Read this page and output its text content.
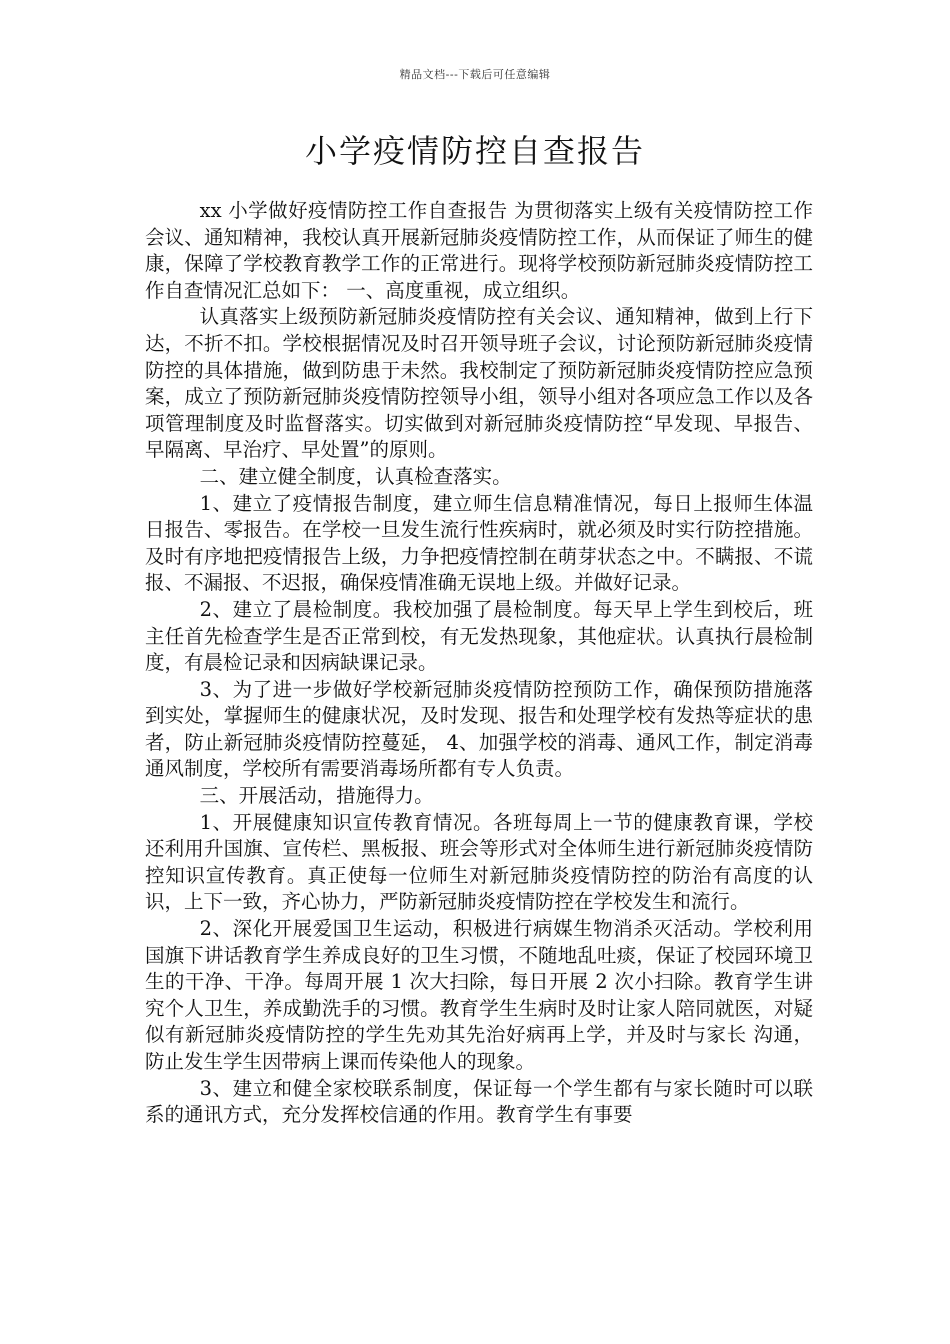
精品文档---下载后可任意编辑
小学疫情防控自查报告

xx 小学做好疫情防控工作自查报告 为贯彻落实上级有关疫情防控工作会议、通知精神，我校认真开展新冠肺炎疫情防控工作，从而保证了师生的健康，保障了学校教育教学工作的正常进行。现将学校预防新冠肺炎疫情防控工作自查情况汇总如下： 一、高度重视，成立组织。

认真落实上级预防新冠肺炎疫情防控有关会议、通知精神，做到上行下达，不折不扣。学校根据情况及时召开领导班子会议，讨论预防新冠肺炎疫情防控的具体措施，做到防患于未然。我校制定了预防新冠肺炎疫情防控应急预案，成立了预防新冠肺炎疫情防控领导小组，领导小组对各项应急工作以及各项管理制度及时监督落实。切实做到对新冠肺炎疫情防控“早发现、早报告、早隔离、早治疗、早处置”的原则。

二、建立健全制度，认真检查落实。

1、建立了疫情报告制度，建立师生信息精准情况，每日上报师生体温日报告、零报告。在学校一旦发生流行性疾病时，就必须及时实行防控措施。及时有序地把疫情报告上级，力争把疫情控制在萌芽状态之中。不瞒报、不谎报、不漏报、不迟报，确保疫情准确无误地上级。并做好记录。

2、建立了晨检制度。我校加强了晨检制度。每天早上学生到校后，班主任首先检查学生是否正常到校，有无发热现象，其他症状。认真执行晨检制度，有晨检记录和因病缺课记录。

3、为了进一步做好学校新冠肺炎疫情防控预防工作，确保预防措施落到实处，掌握师生的健康状况，及时发现、报告和处理学校有发热等症状的患者，防止新冠肺炎疫情防控蔓延， 4、加强学校的消毒、通风工作，制定消毒通风制度，学校所有需要消毒场所都有专人负责。

三、开展活动，措施得力。

1、开展健康知识宣传教育情况。各班每周上一节的健康教育课，学校还利用升国旗、宣传栏、黑板报、班会等形式对全体师生进行新冠肺炎疫情防控知识宣传教育。真正使每一位师生对新冠肺炎疫情防控的防治有高度的认识，上下一致，齐心协力，严防新冠肺炎疫情防控在学校发生和流行。

2、深化开展爱国卫生运动，积极进行病媒生物消杀灭活动。学校利用国旗下讲话教育学生养成良好的卫生习惯，不随地乱吐痰，保证了校园环境卫生的干净、干净。每周开展 1 次大扫除，每日开展 2 次小扫除。教育学生讲究个人卫生，养成勤洗手的习惯。教育学生生病时及时让家人陪同就医，对疑似有新冠肺炎疫情防控的学生先劝其先治好病再上学，并及时与家长 沟通，防止发生学生因带病上课而传染他人的现象。

3、建立和健全家校联系制度，保证每一个学生都有与家长随时可以联系的通讯方式，充分发挥校信通的作用。教育学生有事要
